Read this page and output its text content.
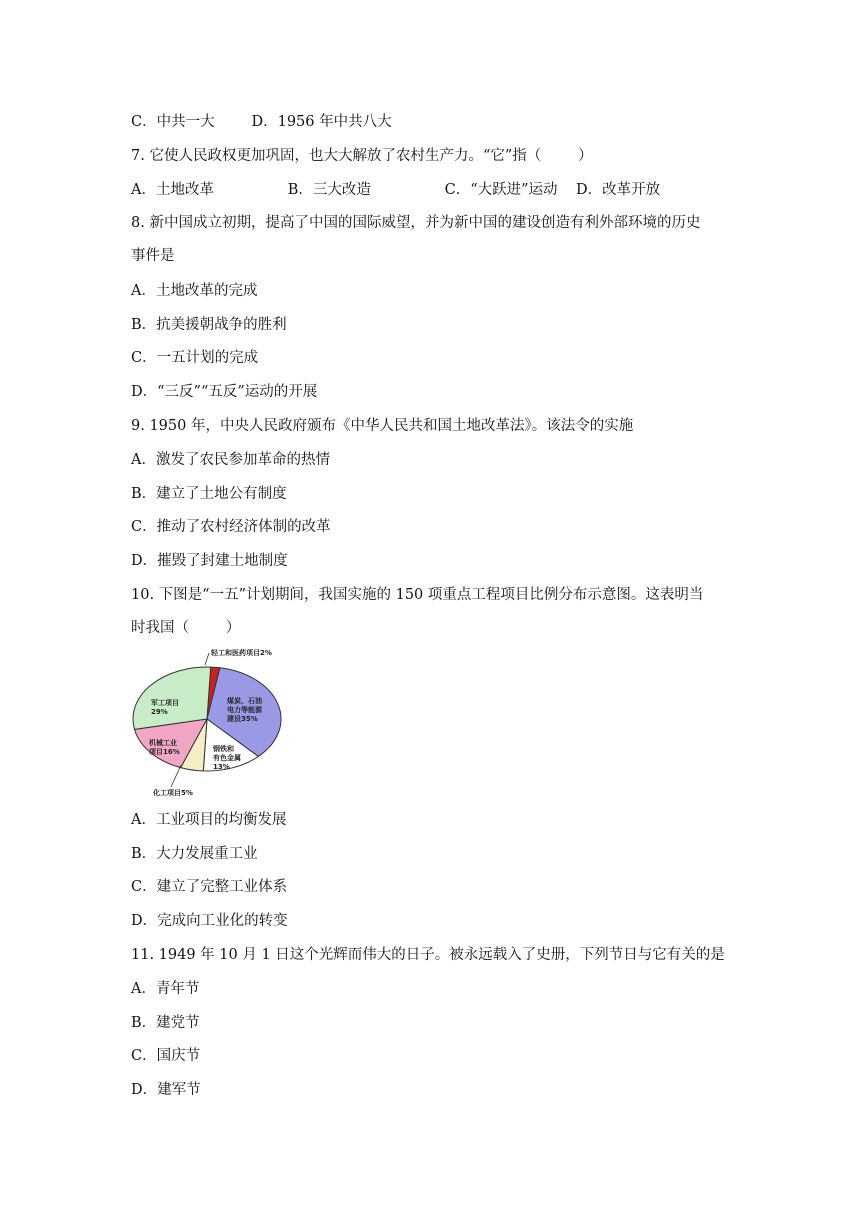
C．中共一大        D．1956 年中共八大
7. 它使人民政权更加巩固，也大大解放了农村生产力。“它”指（        ）
A．土地改革                B．三大改造                C．“大跃进”运动    D．改革开放
8. 新中国成立初期，提高了中国的国际威望，并为新中国的建设创造有利外部环境的历史
事件是
A．土地改革的完成
B．抗美援朝战争的胜利
C．一五计划的完成
D．“三反”“五反”运动的开展
9. 1950 年，中央人民政府颁布《中华人民共和国土地改革法》。该法令的实施
A．激发了农民参加革命的热情
B．建立了土地公有制度
C．推动了农村经济体制的改革
D．摧毁了封建土地制度
10. 下图是“一五”计划期间，我国实施的 150 项重点工程项目比例分布示意图。这表明当
时我国（        ）
A．工业项目的均衡发展
B．大力发展重工业
C．建立了完整工业体系
D．完成向工业化的转变
11. 1949 年 10 月 1 日这个光辉而伟大的日子。被永远载入了史册，下列节日与它有关的是
A．青年节
B．建党节
C．国庆节
D．建军节
轻工和医药项目2%
煤炭、石油电力等能源建设35%
钢铁和有色金属 13%
化工项目5%
机械工业项目16%
军工项目 29%
